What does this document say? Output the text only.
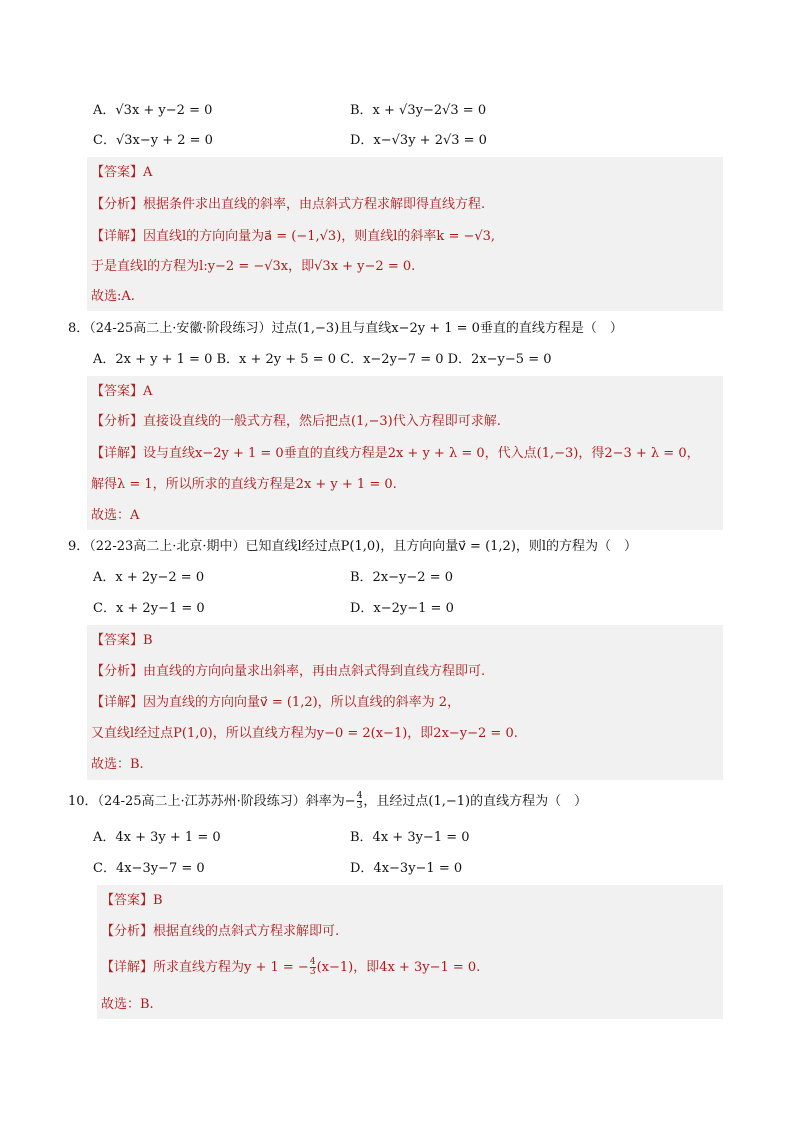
A．√3x + y−2 = 0	B．x + √3y−2√3 = 0
C．√3x−y + 2 = 0	D．x−√3y + 2√3 = 0
【答案】A
【分析】根据条件求出直线的斜率，由点斜式方程求解即得直线方程.
【详解】因直线l的方向向量为a⃗ = (−1,√3)，则直线l的斜率k = −√3,
于是直线l的方程为l:y−2 = −√3x，即√3x + y−2 = 0.
故选:A.
8．（24-25高二上·安徽·阶段练习）过点(1,−3)且与直线x−2y + 1 = 0垂直的直线方程是（　）
A．2x + y + 1 = 0 B．x + 2y + 5 = 0 C．x−2y−7 = 0 D．2x−y−5 = 0
【答案】A
【分析】直接设直线的一般式方程，然后把点(1,−3)代入方程即可求解.
【详解】设与直线x−2y + 1 = 0垂直的直线方程是2x + y + λ = 0，代入点(1,−3)，得2−3 + λ = 0，
解得λ = 1，所以所求的直线方程是2x + y + 1 = 0.
故选：A
9．（22-23高二上·北京·期中）已知直线l经过点P(1,0)，且方向向量v⃗ = (1,2)，则l的方程为（　）
A．x + 2y−2 = 0	B．2x−y−2 = 0
C．x + 2y−1 = 0	D．x−2y−1 = 0
【答案】B
【分析】由直线的方向向量求出斜率，再由点斜式得到直线方程即可.
【详解】因为直线的方向向量v⃗ = (1,2)，所以直线的斜率为 2，
又直线l经过点P(1,0)，所以直线方程为y−0 = 2(x−1)，即2x−y−2 = 0.
故选：B.
10．（24-25高二上·江苏苏州·阶段练习）斜率为− $\frac{4}{3}$ ，且经过点(1,−1)的直线方程为（　）
A．4x + 3y + 1 = 0	B．4x + 3y−1 = 0
C．4x−3y−7 = 0	D．4x−3y−1 = 0
【答案】B
【分析】根据直线的点斜式方程求解即可.
【详解】所求直线方程为y + 1 = − $\frac{4}{3} (x-1)$，即4x + 3y−1 = 0.
故选：B.
